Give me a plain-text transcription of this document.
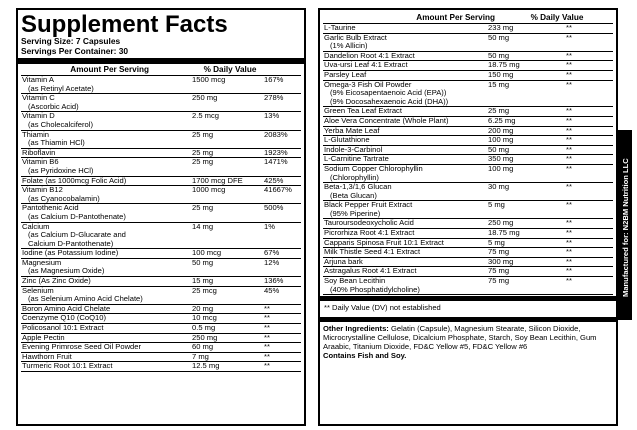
Supplement Facts
Serving Size: 7 Capsules
Servings Per Container: 30
Amount Per Serving	% Daily Value
Vitamin A
(as Retinyl Acetate)
1500 mcg	167%
Vitamin C
(Ascorbic Acid)
250 mg	278%
Vitamin D
(as Cholecalciferol)
2.5 mcg	13%
Thiamin
(as Thiamin HCl)
25 mg	2083%
Riboflavin	25 mg	1923%
Vitamin B6
(as Pyridoxine HCl)
25 mg	1471%
Folate (as 1000mcg Folic Acid)	1700 mcg DFE	425%
Vitamin B12
(as Cyanocobalamin)
1000 mcg	41667%
Pantothenic Acid
(as Calcium D-Pantothenate)
25 mg	500%
Calcium
(as Calcium D-Glucarate and
Calcium D-Pantothenate)
14 mg	1%
Iodine (as Potassium Iodine)	100 mcg	67%
Magnesium
(as Magnesium Oxide)
50 mg	12%
Zinc (As Zinc Oxide)	15 mg	136%
Selenium
(as Selenium Amino Acid Chelate)
25 mcg	45%
Boron Amino Acid Chelate	20 mg	**
Coenzyme Q10 (CoQ10)	10 mcg	**
Policosanol 10:1 Extract	0.5 mg	**
Apple Pectin	250 mg	**
Evening Primrose Seed Oil Powder	60 mg	**
Hawthorn Fruit	7 mg	**
Turmeric Root 10:1 Extract	12.5 mg	**
Amount Per Serving	% Daily Value
L-Taurine	233 mg	**
Garlic Bulb Extract
(1% Allicin)
50 mg	**
Dandelion Root 4:1 Extract	50 mg	**
Uva-ursi Leaf 4:1 Extract	18.75 mg	**
Parsley Leaf	150 mg	**
Omega-3 Fish Oil Powder
(9% Eicosapentaenoic Acid (EPA))
(9% Docosahexaenoic Acid (DHA))
15 mg	**
Green Tea Leaf Extract	25 mg	**
Aloe Vera Concentrate (Whole Plant)	6.25 mg	**
Yerba Mate Leaf	200 mg	**
L-Glutathione	100 mg	**
Indole-3-Carbinol	50 mg	**
L-Carnitine Tartrate	350 mg	**
Sodium Copper Chlorophyllin
(Chlorophyllin)
100 mg	**
Beta-1,3/1,6 Glucan
(Beta Glucan)
30 mg	**
Black Pepper Fruit Extract
(95% Piperine)
5 mg	**
Tauroursodeoxycholic Acid	250 mg	**
Picrorhiza Root 4:1 Extract	18.75 mg	**
Capparis Spinosa Fruit 10:1 Extract	5 mg	**
Milk Thistle Seed 4:1 Extract	75 mg	**
Arjuna bark	300 mg	**
Astragalus Root 4:1 Extract	75 mg	**
Soy Bean Lecithin
(40% Phosphatidylcholine)
75 mg	**
** Daily Value (DV) not established
Other Ingredients: Gelatin (Capsule), Magnesium Stearate, Silicon Dioxide, Microcrystalline Cellulose, Dicalcium Phosphate, Starch, Soy Bean Lecithin, Gum Araabic, Titanium Dioxide, FD&C Yellow #5, FD&C Yellow #6
Contains Fish and Soy.
Manufactured for: N2BM Nutrition LLC
